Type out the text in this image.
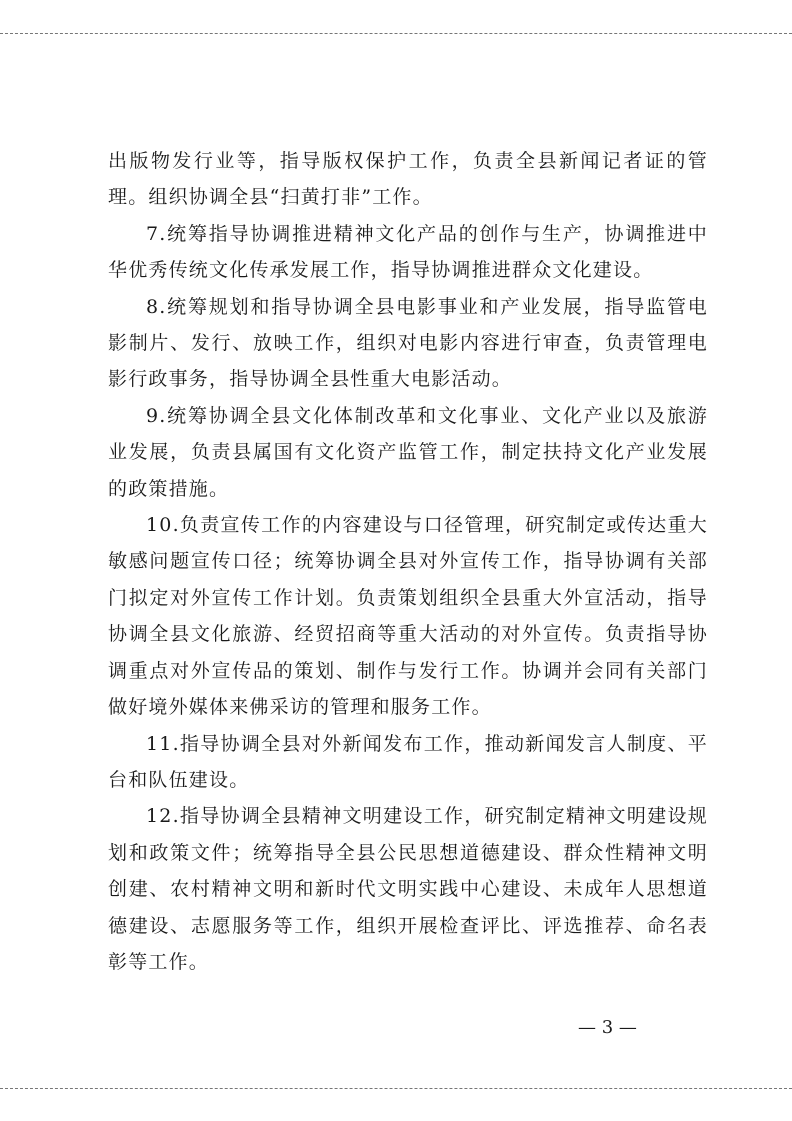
出版物发行业等，指导版权保护工作，负责全县新闻记者证的管理。组织协调全县“扫黄打非”工作。

7.统筹指导协调推进精神文化产品的创作与生产，协调推进中华优秀传统文化传承发展工作，指导协调推进群众文化建设。

8.统筹规划和指导协调全县电影事业和产业发展，指导监管电影制片、发行、放映工作，组织对电影内容进行审查，负责管理电影行政事务，指导协调全县性重大电影活动。

9.统筹协调全县文化体制改革和文化事业、文化产业以及旅游业发展，负责县属国有文化资产监管工作，制定扶持文化产业发展的政策措施。

10.负责宣传工作的内容建设与口径管理，研究制定或传达重大敏感问题宣传口径；统筹协调全县对外宣传工作，指导协调有关部门拟定对外宣传工作计划。负责策划组织全县重大外宣活动，指导协调全县文化旅游、经贸招商等重大活动的对外宣传。负责指导协调重点对外宣传品的策划、制作与发行工作。协调并会同有关部门做好境外媒体来佛采访的管理和服务工作。

11.指导协调全县对外新闻发布工作，推动新闻发言人制度、平台和队伍建设。

12.指导协调全县精神文明建设工作，研究制定精神文明建设规划和政策文件；统筹指导全县公民思想道德建设、群众性精神文明创建、农村精神文明和新时代文明实践中心建设、未成年人思想道德建设、志愿服务等工作，组织开展检查评比、评选推荐、命名表彰等工作。

— 3 —
